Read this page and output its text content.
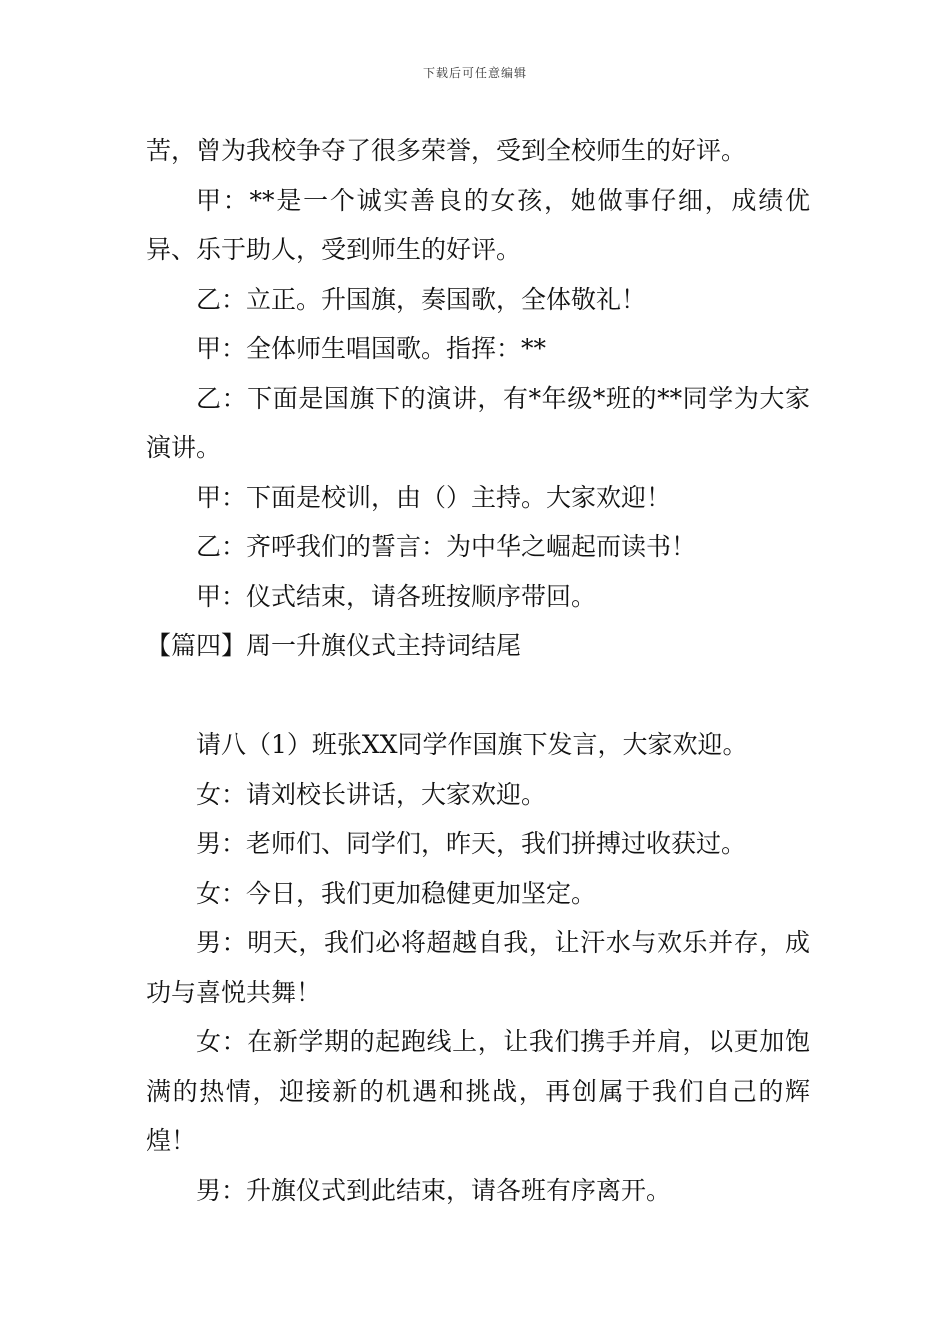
下载后可任意编辑

苦，曾为我校争夺了很多荣誉，受到全校师生的好评。

甲：**是一个诚实善良的女孩，她做事仔细，成绩优异、乐于助人，受到师生的好评。

乙：立正。升国旗，奏国歌，全体敬礼！

甲：全体师生唱国歌。指挥：**

乙：下面是国旗下的演讲，有*年级*班的**同学为大家演讲。

甲：下面是校训，由（）主持。大家欢迎！

乙：齐呼我们的誓言：为中华之崛起而读书！

甲：仪式结束，请各班按顺序带回。

【篇四】周一升旗仪式主持词结尾

请八（1）班张XX同学作国旗下发言，大家欢迎。

女：请刘校长讲话，大家欢迎。

男：老师们、同学们，昨天，我们拼搏过收获过。

女：今日，我们更加稳健更加坚定。

男：明天，我们必将超越自我，让汗水与欢乐并存，成功与喜悦共舞！

女：在新学期的起跑线上，让我们携手并肩，以更加饱满的热情，迎接新的机遇和挑战，再创属于我们自己的辉煌！

男：升旗仪式到此结束，请各班有序离开。
